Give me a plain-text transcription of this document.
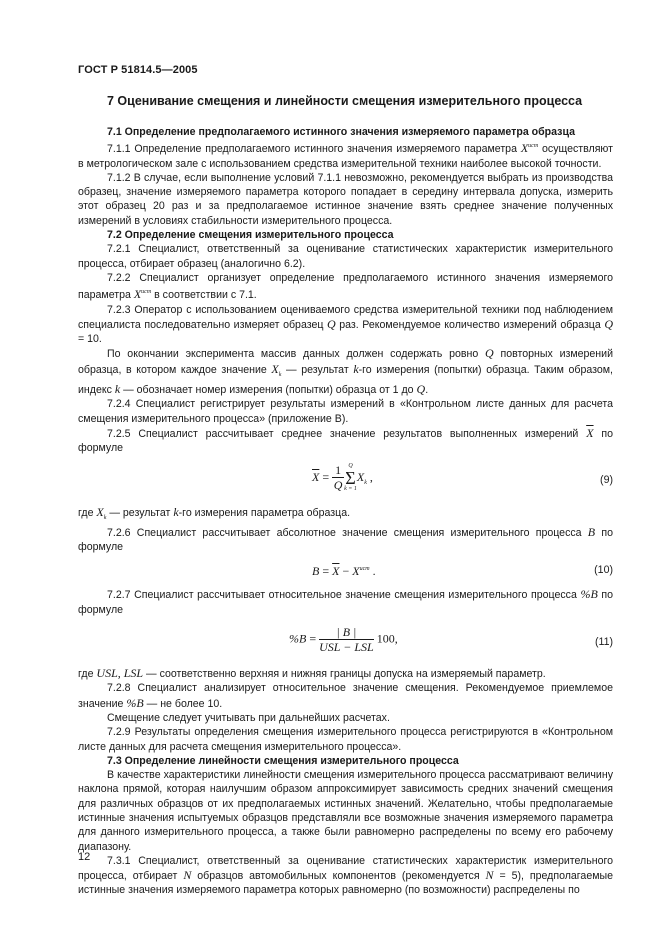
ГОСТ Р 51814.5—2005
7 Оценивание смещения и линейности смещения измерительного процесса

7.1 Определение предполагаемого истинного значения измеряемого параметра образца

7.1.1 Определение предполагаемого истинного значения измеряемого параметра $X^{ист}$ осуществляют в метрологическом зале с использованием средства измерительной техники наиболее высокой точности.

7.1.2 В случае, если выполнение условий 7.1.1 невозможно, рекомендуется выбрать из производства образец, значение измеряемого параметра которого попадает в середину интервала допуска, измерить этот образец 20 раз и за предполагаемое истинное значение взять среднее значение полученных измерений в условиях стабильности измерительного процесса.

7.2 Определение смещения измерительного процесса

7.2.1 Специалист, ответственный за оценивание статистических характеристик измерительного процесса, отбирает образец (аналогично 6.2).

7.2.2 Специалист организует определение предполагаемого истинного значения измеряемого параметра $X^{ист}$ в соответствии с 7.1.

7.2.3 Оператор с использованием оцениваемого средства измерительной техники под наблюдением специалиста последовательно измеряет образец Q раз. Рекомендуемое количество измерений образца Q = 10.

По окончании эксперимента массив данных должен содержать ровно Q повторных измерений образца, в котором каждое значение $X_k$ — результат k-го измерения (попытки) образца. Таким образом, индекс k — обозначает номер измерения (попытки) образца от 1 до Q.

7.2.4 Специалист регистрирует результаты измерений в «Контрольном листе данных для расчета смещения измерительного процесса» (приложение В).

7.2.5 Специалист рассчитывает среднее значение результатов выполненных измерений $\overline{X}$ по формуле

$\overline{X} = \frac{1}{Q}$ Q
Σ
k = 1
$X_k$ ,	(9)

где $X_k$ — результат k-го измерения параметра образца.

7.2.6 Специалист рассчитывает абсолютное значение смещения измерительного процесса B по формуле

$B = \overline{X} - X^{ист}$ .	(10)

7.2.7 Специалист рассчитывает относительное значение смещения измерительного процесса %B по формуле

$\%B = \frac{| B |}{\text{USL − LSL}} 100$,	(11)

где USL, LSL — соответственно верхняя и нижняя границы допуска на измеряемый параметр.

7.2.8 Специалист анализирует относительное значение смещения. Рекомендуемое приемлемое значение %B — не более 10.

Смещение следует учитывать при дальнейших расчетах.

7.2.9 Результаты определения смещения измерительного процесса регистрируются в «Контрольном листе данных для расчета смещения измерительного процесса».

7.3 Определение линейности смещения измерительного процесса

В качестве характеристики линейности смещения измерительного процесса рассматривают величину наклона прямой, которая наилучшим образом аппроксимирует зависимость средних значений смещения для различных образцов от их предполагаемых истинных значений. Желательно, чтобы предполагаемые истинные значения испытуемых образцов представляли все возможные значения измеряемого параметра для данного измерительного процесса, а также были равномерно распределены по всему его рабочему диапазону.

7.3.1 Специалист, ответственный за оценивание статистических характеристик измерительного процесса, отбирает N образцов автомобильных компонентов (рекомендуется N = 5), предполагаемые истинные значения измеряемого параметра которых равномерно (по возможности) распределены по

12
